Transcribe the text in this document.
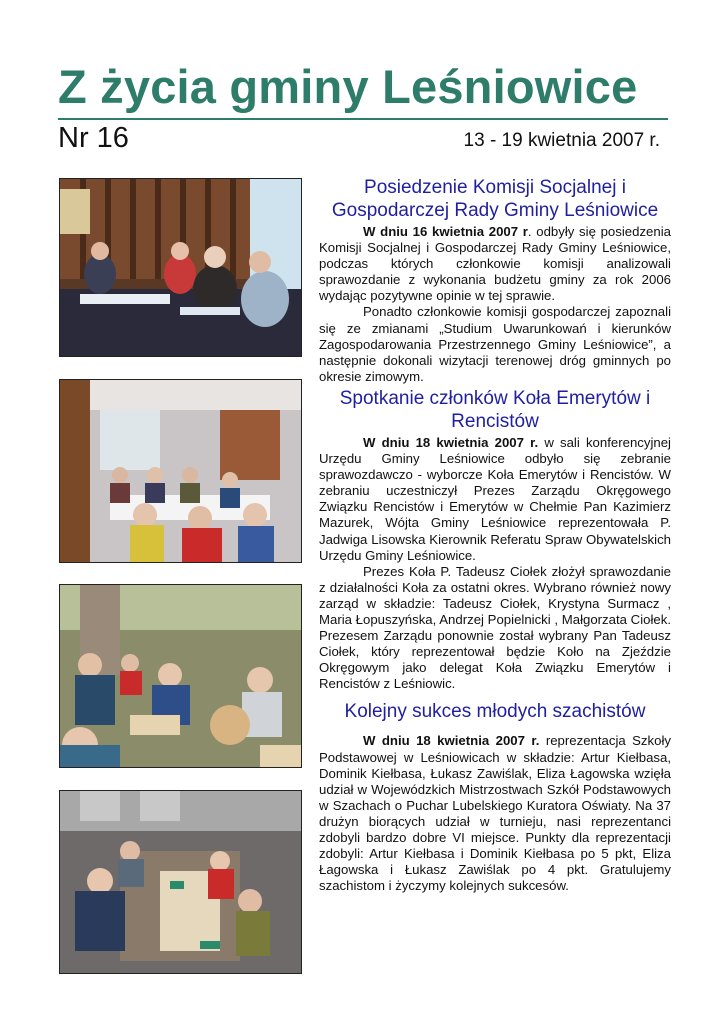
Z życia gminy Leśniowice
Nr 16	13 - 19 kwietnia 2007 r.
Posiedzenie Komisji Socjalnej i Gospodarczej Rady Gminy Leśniowice

W dniu 16 kwietnia 2007 r. odbyły się posiedzenia Komisji Socjalnej i Gospodarczej Rady Gminy Leśniowice, podczas których członkowie komisji analizowali sprawozdanie z wykonania budżetu gminy za rok 2006 wydając pozytywne opinie w tej sprawie.

Ponadto członkowie komisji gospodarczej zapoznali się ze zmianami „Studium Uwarunkowań i kierunków Zagospodarowania Przestrzennego Gminy Leśniowice”, a następnie dokonali wizytacji terenowej dróg gminnych po okresie zimowym.

Spotkanie członków Koła Emerytów i Rencistów

W dniu 18 kwietnia 2007 r. w sali konferencyjnej Urzędu Gminy Leśniowice odbyło się zebranie sprawozdawczo - wyborcze Koła Emerytów i Rencistów. W zebraniu uczestniczył Prezes Zarządu Okręgowego Związku Rencistów i Emerytów w Chełmie Pan Kazimierz Mazurek, Wójta Gminy Leśniowice reprezentowała P. Jadwiga Lisowska Kierownik Referatu Spraw Obywatelskich Urzędu Gminy Leśniowice.

Prezes Koła P. Tadeusz Ciołek złożył sprawozdanie z działalności Koła za ostatni okres. Wybrano również nowy zarząd w składzie: Tadeusz Ciołek, Krystyna Surmacz , Maria Łopuszyńska, Andrzej Popielnicki , Małgorzata Ciołek. Prezesem Zarządu ponownie został wybrany Pan Tadeusz Ciołek, który reprezentował będzie Koło na Zjeździe Okręgowym jako delegat Koła Związku Emerytów i Rencistów z Leśniowic.

Kolejny sukces młodych szachistów

W dniu 18 kwietnia 2007 r. reprezentacja Szkoły Podstawowej w Leśniowicach w składzie: Artur Kiełbasa, Dominik Kiełbasa, Łukasz Zawiślak, Eliza Łagowska wzięła udział w Wojewódzkich Mistrzostwach Szkół Podstawowych w Szachach o Puchar Lubelskiego Kuratora Oświaty. Na 37 drużyn biorących udział w turnieju, nasi reprezentanci zdobyli bardzo dobre VI miejsce. Punkty dla reprezentacji zdobyli: Artur Kiełbasa i Dominik Kiełbasa po 5 pkt, Eliza Łagowska i Łukasz Zawiślak po 4 pkt. Gratulujemy szachistom i życzymy kolejnych sukcesów.
